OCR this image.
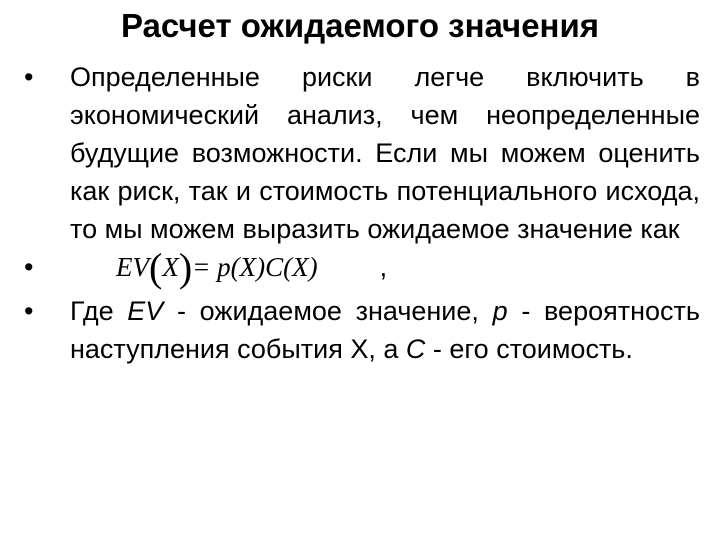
Расчет ожидаемого значения
•	Определенные риски легче включить в экономический анализ, чем неопределенные будущие возможности. Если мы можем оценить как риск, так и стоимость потенциального исхода, то мы можем выразить ожидаемое значение как
•	EV(X)= p(X)C(X) ,
•	Где EV - ожидаемое значение, p - вероятность наступления события X, а C - его стоимость.
